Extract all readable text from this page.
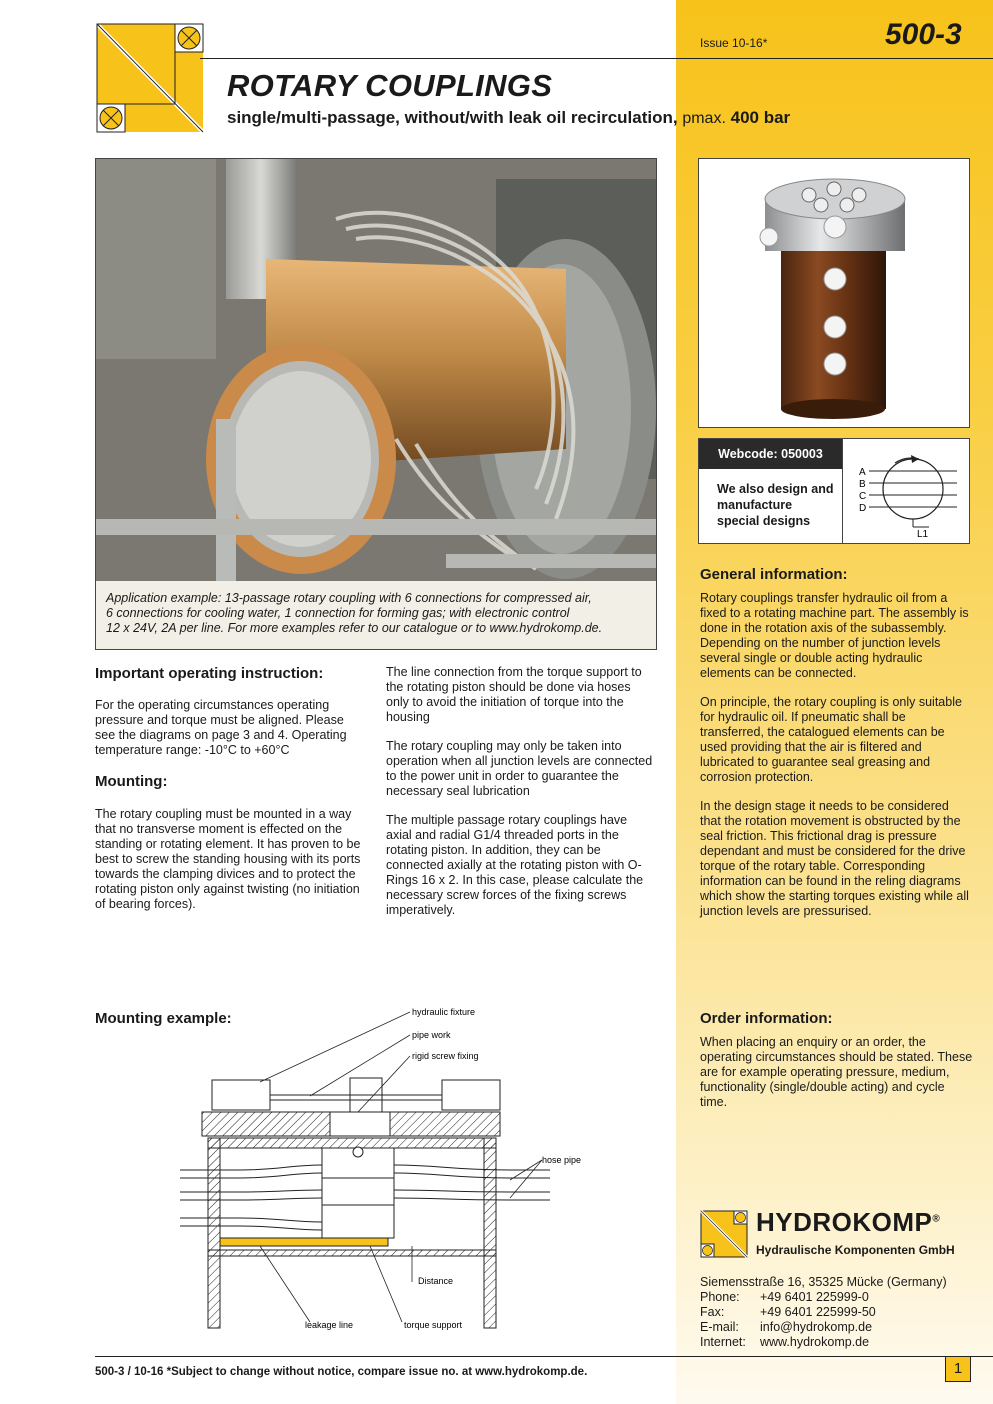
Issue 10-16*	500-3
ROTARY COUPLINGS
single/multi-passage, without/with leak oil recirculation, pmax. 400 bar
Application example: 13-passage rotary coupling with 6 connections for compressed air,
6 connections for cooling water, 1 connection for forming gas; with electronic control
12 x 24V, 2A per line. For more examples refer to our catalogue or to www.hydrokomp.de.
Webcode: 050003
We also design and manufacture special designs
A
B
C
D
L1
General information:

Rotary couplings transfer hydraulic oil from a fixed to a rotating machine part. The assembly is done in the rotation axis of the subassembly. Depending on the number of junction levels several single or double acting hydraulic elements can be connected.

On principle, the rotary coupling is only suitable for hydraulic oil. If pneumatic shall be transferred, the catalogued elements can be used providing that the air is filtered and lubricated to guarantee seal greasing and corrosion protection.

In the design stage it needs to be considered that the rotation movement is obstructed by the seal friction. This frictional drag is pressure dependant and must be considered for the drive torque of the rotary table. Corresponding information can be found in the reling diagrams which show the starting torques existing while all junction levels are pressurised.

Order information:
When placing an enquiry or an order, the operating circumstances should be stated. These are for example operating pressure, medium, functionality (single/double acting) and cycle time.
Important operating instruction:
For the operating circumstances operating pressure and torque must be aligned. Please see the diagrams on page 3 and 4. Operating temperature range: -10°C to +60°C
Mounting:
The rotary coupling must be mounted in a way that no transverse moment is effected on the standing or rotating element. It has proven to be best to screw the standing housing with its ports towards the clamping divices and to protect the rotating piston only against twisting (no initiation of bearing forces).

The line connection from the torque support to the rotating piston should be done via hoses only to avoid the initiation of torque into the housing

The rotary coupling may only be taken into operation when all junction levels are connected to the power unit in order to guarantee the necessary seal lubrication

The multiple passage rotary couplings have axial and radial G1/4 threaded ports in the rotating piston. In addition, they can be connected axially at the rotating piston with O-Rings 16 x 2. In this case, please calculate the necessary screw forces of the fixing screws imperatively.

Mounting example:	hydraulic fixture
pipe work
rigid screw fixing
hose pipe
Distance
leakage line	torque support
HYDROKOMP®
Hydraulische Komponenten GmbH
Siemensstraße 16, 35325 Mücke (Germany)
Phone: +49 6401 225999-0
Fax:	+49 6401 225999-50
E-mail: info@hydrokomp.de
Internet: www.hydrokomp.de
500-3 / 10-16 *Subject to change without notice, compare issue no. at www.hydrokomp.de.	1
